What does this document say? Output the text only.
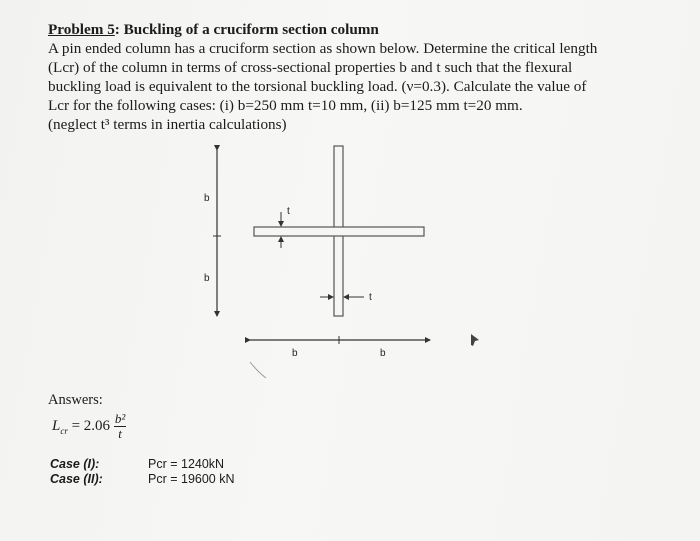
Problem 5: Buckling of a cruciform section column

A pin ended column has a cruciform section as shown below. Determine the critical length
(Lcr) of the column in terms of cross-sectional properties b and t such that the flexural
buckling load is equivalent to the torsional buckling load. (ν=0.3). Calculate the value of
Lcr for the following cases: (i) b=250 mm t=10 mm, (ii) b=125 mm t=20 mm.
(neglect t³ terms in inertia calculations)

b
b
t
t
b	b
Answers:
$L_{cr} = 2.06 \frac{\text{b²}}{t}$
Case (I):	Pcr = 1240kN
Case (II):	Pcr = 19600 kN
